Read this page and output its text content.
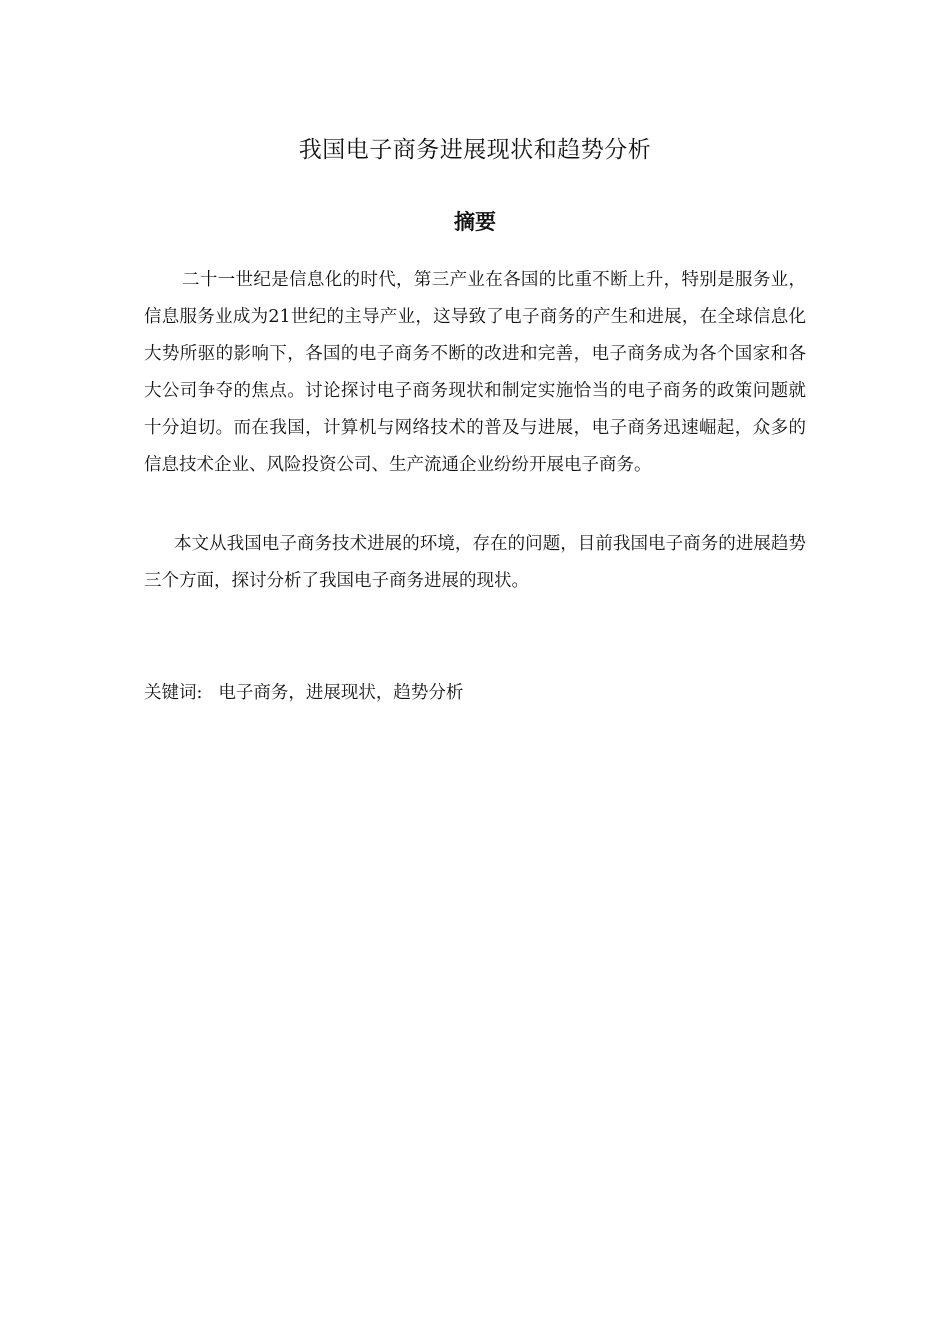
我国电子商务进展现状和趋势分析
摘要
二十一世纪是信息化的时代，第三产业在各国的比重不断上升，特别是服务业，信息服务业成为21世纪的主导产业，这导致了电子商务的产生和进展，在全球信息化大势所驱的影响下，各国的电子商务不断的改进和完善，电子商务成为各个国家和各大公司争夺的焦点。讨论探讨电子商务现状和制定实施恰当的电子商务的政策问题就十分迫切。而在我国，计算机与网络技术的普及与进展，电子商务迅速崛起，众多的信息技术企业、风险投资公司、生产流通企业纷纷开展电子商务。
本文从我国电子商务技术进展的环境，存在的问题，目前我国电子商务的进展趋势三个方面，探讨分析了我国电子商务进展的现状。
关键词: 电子商务，进展现状，趋势分析
